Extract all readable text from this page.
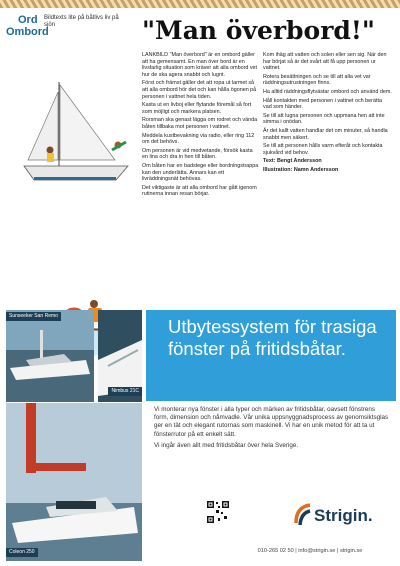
Ord
Ombord
Bildtexts lite på båtlivs liv på sjön	"Man överbord!"

LÄNKBILD "Man överbord" är en ombord gäller att ha gemensamt. En man över bord är en livsfarlig situation som kräver att alla ombord vet hur de ska agera snabbt och lugnt.

Först och främst gäller det att ropa ut larmet så att alla ombord hör det och kan hålla ögonen på personen i vattnet hela tiden.

Kasta ut en livboj eller flytande föremål så fort som möjligt och markera platsen.

Rorsman ska genast lägga om rodret och vända båten tillbaka mot personen i vattnet.

Meddela kustbevakning via radio, eller ring 112 om det behövs.

Om personen är vid medvetande, försök kasta en lina och dra in hen till båten.

Om båten har en badstege eller bordningstrappa kan den underlätta. Annars kan ett livräddningsnät behövas.

Det viktigaste är att alla ombord har gått igenom rutinerna innan resan börjar.

Kom ihåg att vatten och solen eller sen sig. När den har börjat så är det svårt att få upp personen ur vattnet.

Rotera besättningen och se till att alla vet var räddningsutrustningen finns.

Ha alltid räddningsflytvästar ombord och använd dem.

Håll kontakten med personen i vattnet och berätta vad som händer.

Se till att lugna personen och uppmana hen att inte simma i onödan.

Är det kallt vatten handlar det om minuter, så handla snabbt men säkert.

Se till att personen hålls varm efteråt och kontakta sjukvård vid behov.

Text: Bengt Andersson

Illustration: Namn Andersson

Sunseeker San Remo
Nimbus 21C
Coleon 250
Utbytessystem för trasiga fönster på fritidsbåtar.

Vi monterar nya fönster i alla typer och märken av fritidsbåtar, oavsett fönstrens form, dimension och nåmvadle. Vår unika uppsnyggnadsprocess av genomsiktsglas ger en tät och elegant rutornas som maskinell. Vi har en unik metod för att ta ut fönsterrutor på ett enkelt sätt.

Vi ingår även allt med fritidsbåtar över hela Sverige.

Strigin.
010-265 02 50 | info@strigin.se | strigin.se
